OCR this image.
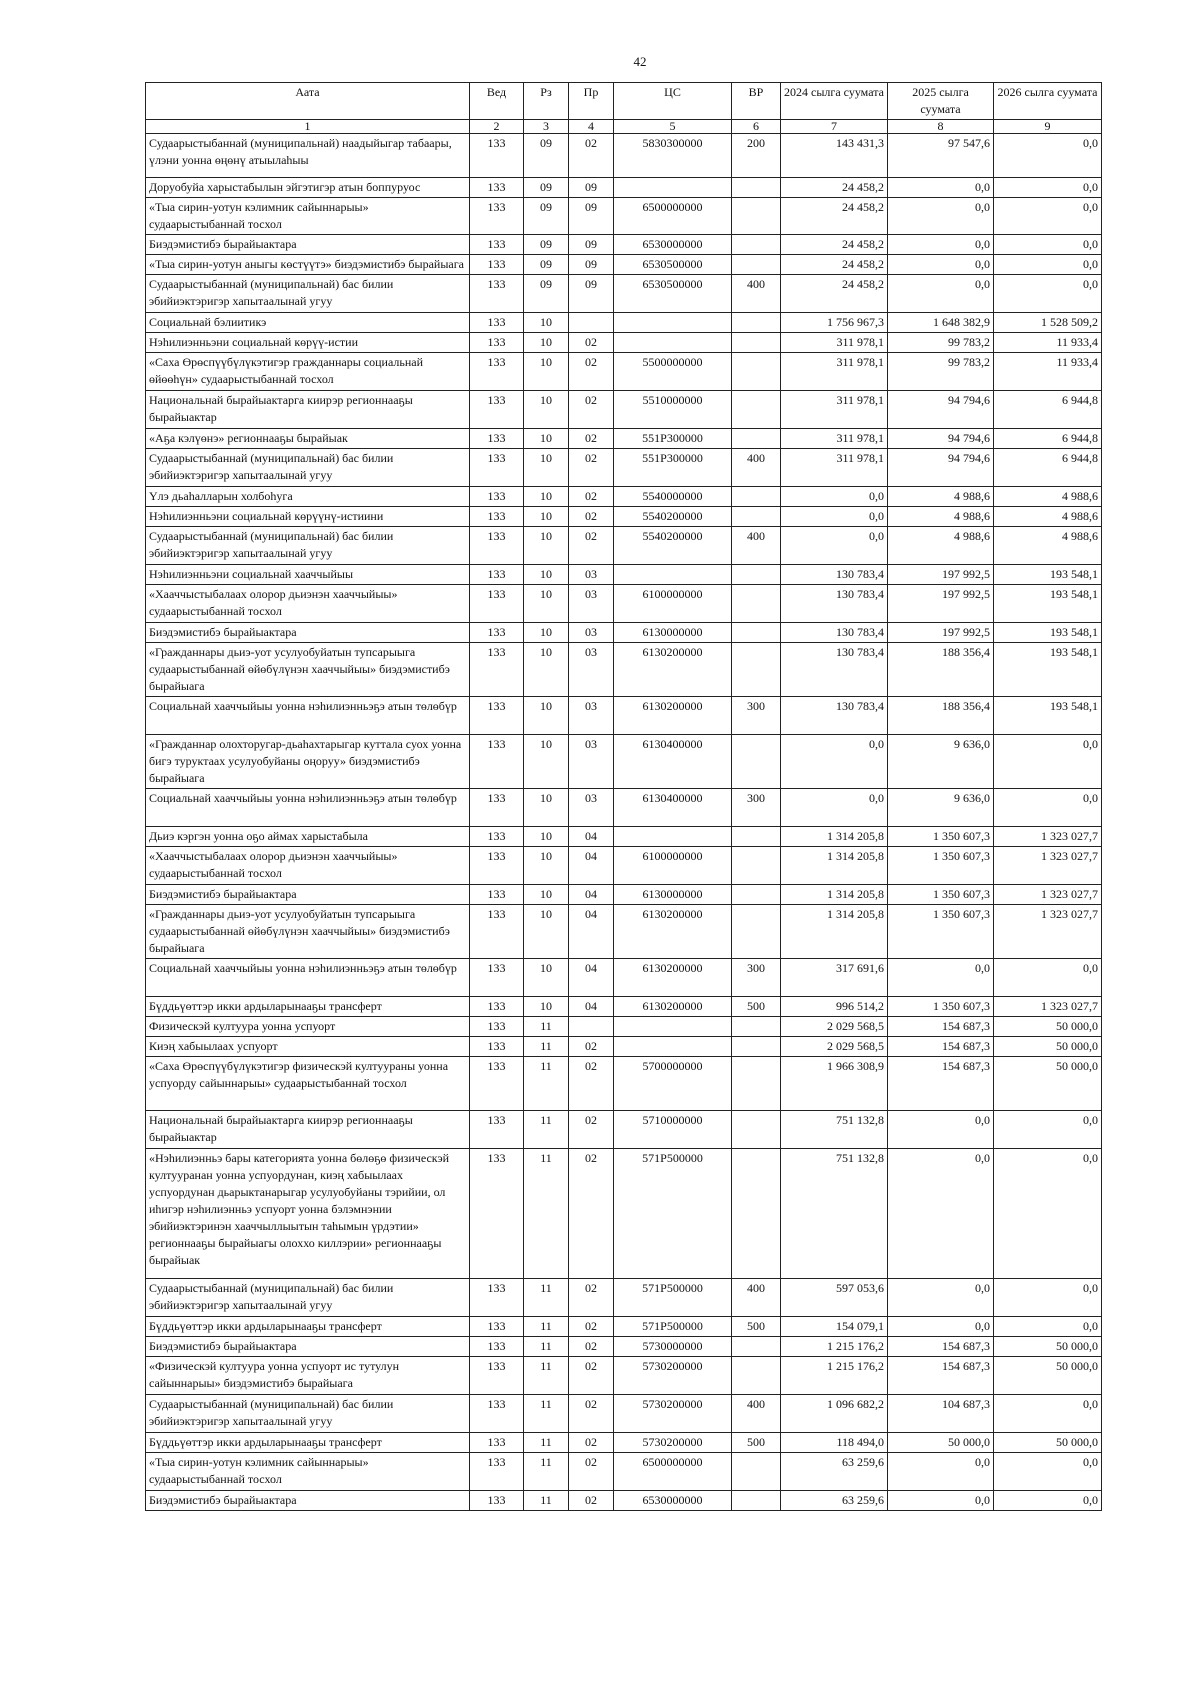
42
Аата	Вед	Рз	Пр	ЦС	ВР	2024 сылга суумата	2025 сылга суумата	2026 сылга суумата
1	2	3	4	5	6	7	8	9
Судаарыстыбаннай (муниципальнай) наадыйыгар табаары, үлэни уонна өңөнү атыылаһыы	133	09	02	5830300000	200	143 431,3	97 547,6	0,0
Доруобуйа харыстабылын эйгэтигэр атын боппуруос	133	09	09			24 458,2	0,0	0,0
«Тыа сирин-уотун кэлимник сайыннарыы» судаарыстыбаннай тосхол	133	09	09	6500000000		24 458,2	0,0	0,0
Биэдэмистибэ бырайыактара	133	09	09	6530000000		24 458,2	0,0	0,0
«Тыа сирин-уотун аныгы көстүүтэ» биэдэмистибэ бырайыага	133	09	09	6530500000		24 458,2	0,0	0,0
Судаарыстыбаннай (муниципальнай) бас билии эбийиэктэригэр хапытаалынай угуу	133	09	09	6530500000	400	24 458,2	0,0	0,0
Социальнай бэлиитикэ	133	10				1 756 967,3	1 648 382,9	1 528 509,2
Нэһилиэнньэни социальнай көрүү-истии	133	10	02			311 978,1	99 783,2	11 933,4
«Саха Өрөспүүбүлүкэтигэр гражданнары социальнай өйөөһүн» судаарыстыбаннай тосхол	133	10	02	5500000000		311 978,1	99 783,2	11 933,4
Национальнай бырайыактарга киирэр регионнааҕы бырайыактар	133	10	02	5510000000		311 978,1	94 794,6	6 944,8
«Аҕа кэлүөнэ» регионнааҕы бырайыак	133	10	02	551Р300000		311 978,1	94 794,6	6 944,8
Судаарыстыбаннай (муниципальнай) бас билии эбийиэктэригэр хапытаалынай угуу	133	10	02	551Р300000	400	311 978,1	94 794,6	6 944,8
Үлэ дьаһалларын холбоһуга	133	10	02	5540000000		0,0	4 988,6	4 988,6
Нэһилиэнньэни социальнай көрүүнү-истиини	133	10	02	5540200000		0,0	4 988,6	4 988,6
Судаарыстыбаннай (муниципальнай) бас билии эбийиэктэригэр хапытаалынай угуу	133	10	02	5540200000	400	0,0	4 988,6	4 988,6
Нэһилиэнньэни социальнай хааччыйыы	133	10	03			130 783,4	197 992,5	193 548,1
«Хааччыстыбалаах олорор дьиэнэн хааччыйыы» судаарыстыбаннай тосхол	133	10	03	6100000000		130 783,4	197 992,5	193 548,1
Биэдэмистибэ бырайыактара	133	10	03	6130000000		130 783,4	197 992,5	193 548,1
«Гражданнары дьиэ-уот усулуобуйатын тупсарыыга судаарыстыбаннай өйөбүлүнэн хааччыйыы» биэдэмистибэ бырайыага	133	10	03	6130200000		130 783,4	188 356,4	193 548,1
Социальнай хааччыйыы уонна нэһилиэнньэҕэ атын төлөбүр	133	10	03	6130200000	300	130 783,4	188 356,4	193 548,1
«Гражданнар олохторугар-дьаһахтарыгар куттала суох уонна бигэ туруктаах усулуобуйаны оңоруу» биэдэмистибэ бырайыага	133	10	03	6130400000		0,0	9 636,0	0,0
Социальнай хааччыйыы уонна нэһилиэнньэҕэ атын төлөбүр	133	10	03	6130400000	300	0,0	9 636,0	0,0
Дьиэ кэргэн уонна оҕо аймах харыстабыла	133	10	04			1 314 205,8	1 350 607,3	1 323 027,7
«Хааччыстыбалаах олорор дьиэнэн хааччыйыы» судаарыстыбаннай тосхол	133	10	04	6100000000		1 314 205,8	1 350 607,3	1 323 027,7
Биэдэмистибэ бырайыактара	133	10	04	6130000000		1 314 205,8	1 350 607,3	1 323 027,7
«Гражданнары дьиэ-уот усулуобуйатын тупсарыыга судаарыстыбаннай өйөбүлүнэн хааччыйыы» биэдэмистибэ бырайыага	133	10	04	6130200000		1 314 205,8	1 350 607,3	1 323 027,7
Социальнай хааччыйыы уонна нэһилиэнньэҕэ атын төлөбүр	133	10	04	6130200000	300	317 691,6	0,0	0,0
Бүддьүөттэр икки ардыларынааҕы трансферт	133	10	04	6130200000	500	996 514,2	1 350 607,3	1 323 027,7
Физическэй култуура уонна успуорт	133	11				2 029 568,5	154 687,3	50 000,0
Киэң хабыылаах успуорт	133	11	02			2 029 568,5	154 687,3	50 000,0
«Саха Өрөспүүбүлүкэтигэр физическэй култуураны уонна успуорду сайыннарыы» судаарыстыбаннай тосхол	133	11	02	5700000000		1 966 308,9	154 687,3	50 000,0
Национальнай бырайыактарга киирэр регионнааҕы бырайыактар	133	11	02	5710000000		751 132,8	0,0	0,0
«Нэһилиэнньэ бары категорията уонна бөлөҕө физическэй култууранан уонна успуордунан, киэң хабыылаах успуордунан дьарыктанарыгар усулуобуйаны тэрийии, ол иһигэр нэһилиэнньэ успуорт уонна бэлэмнэнии эбийиэктэринэн хааччыллыытын таһымын үрдэтии» регионнааҕы бырайыагы олоххо киллэрии» регионнааҕы бырайыак	133	11	02	571Р500000		751 132,8	0,0	0,0
Судаарыстыбаннай (муниципальнай) бас билии эбийиэктэригэр хапытаалынай угуу	133	11	02	571Р500000	400	597 053,6	0,0	0,0
Бүддьүөттэр икки ардыларынааҕы трансферт	133	11	02	571Р500000	500	154 079,1	0,0	0,0
Биэдэмистибэ бырайыактара	133	11	02	5730000000		1 215 176,2	154 687,3	50 000,0
«Физическэй култуура уонна успуорт ис тутулун сайыннарыы» биэдэмистибэ бырайыага	133	11	02	5730200000		1 215 176,2	154 687,3	50 000,0
Судаарыстыбаннай (муниципальнай) бас билии эбийиэктэригэр хапытаалынай угуу	133	11	02	5730200000	400	1 096 682,2	104 687,3	0,0
Бүддьүөттэр икки ардыларынааҕы трансферт	133	11	02	5730200000	500	118 494,0	50 000,0	50 000,0
«Тыа сирин-уотун кэлимник сайыннарыы» судаарыстыбаннай тосхол	133	11	02	6500000000		63 259,6	0,0	0,0
Биэдэмистибэ бырайыактара	133	11	02	6530000000		63 259,6	0,0	0,0
